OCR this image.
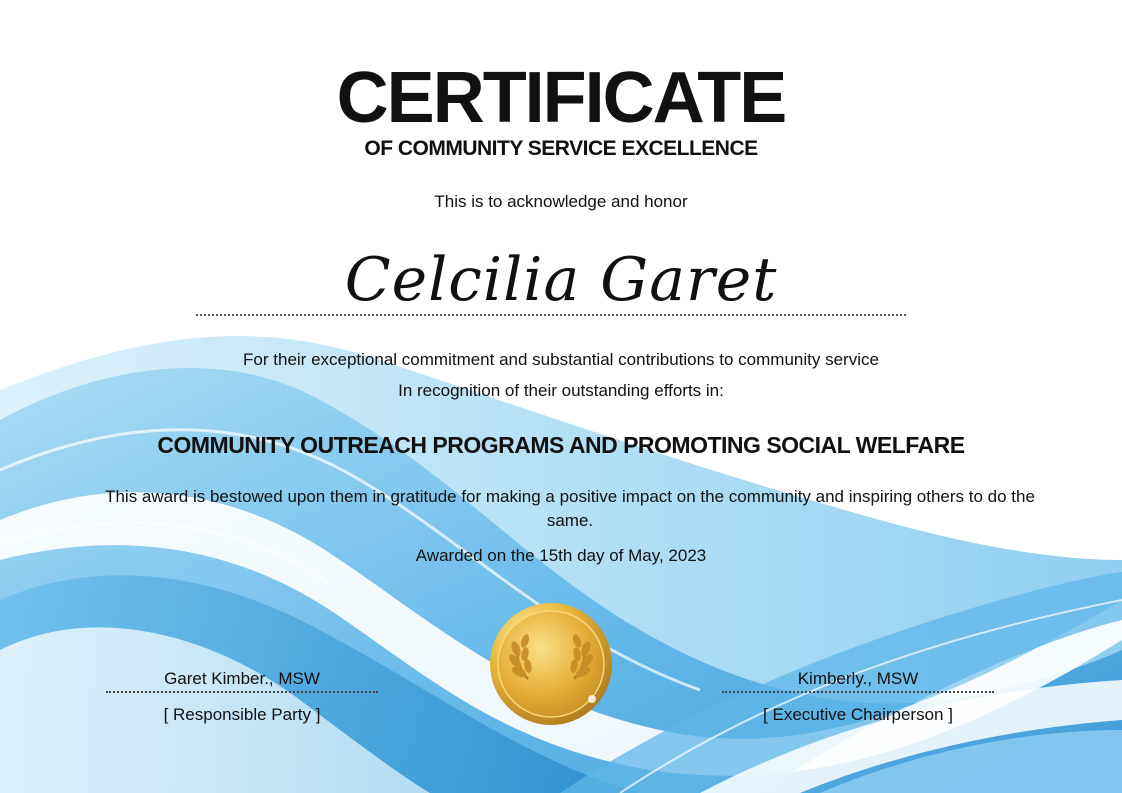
CERTIFICATE
OF COMMUNITY SERVICE EXCELLENCE
This is to acknowledge and honor
Celcilia Garet
For their exceptional commitment and substantial contributions to community service
In recognition of their outstanding efforts in:
COMMUNITY OUTREACH PROGRAMS AND PROMOTING SOCIAL WELFARE
This award is bestowed upon them in gratitude for making a positive impact on the community and inspiring others to do the same.
Awarded on the 15th day of May, 2023
Garet Kimber., MSW
[ Responsible Party ]
Kimberly., MSW
[ Executive Chairperson ]
